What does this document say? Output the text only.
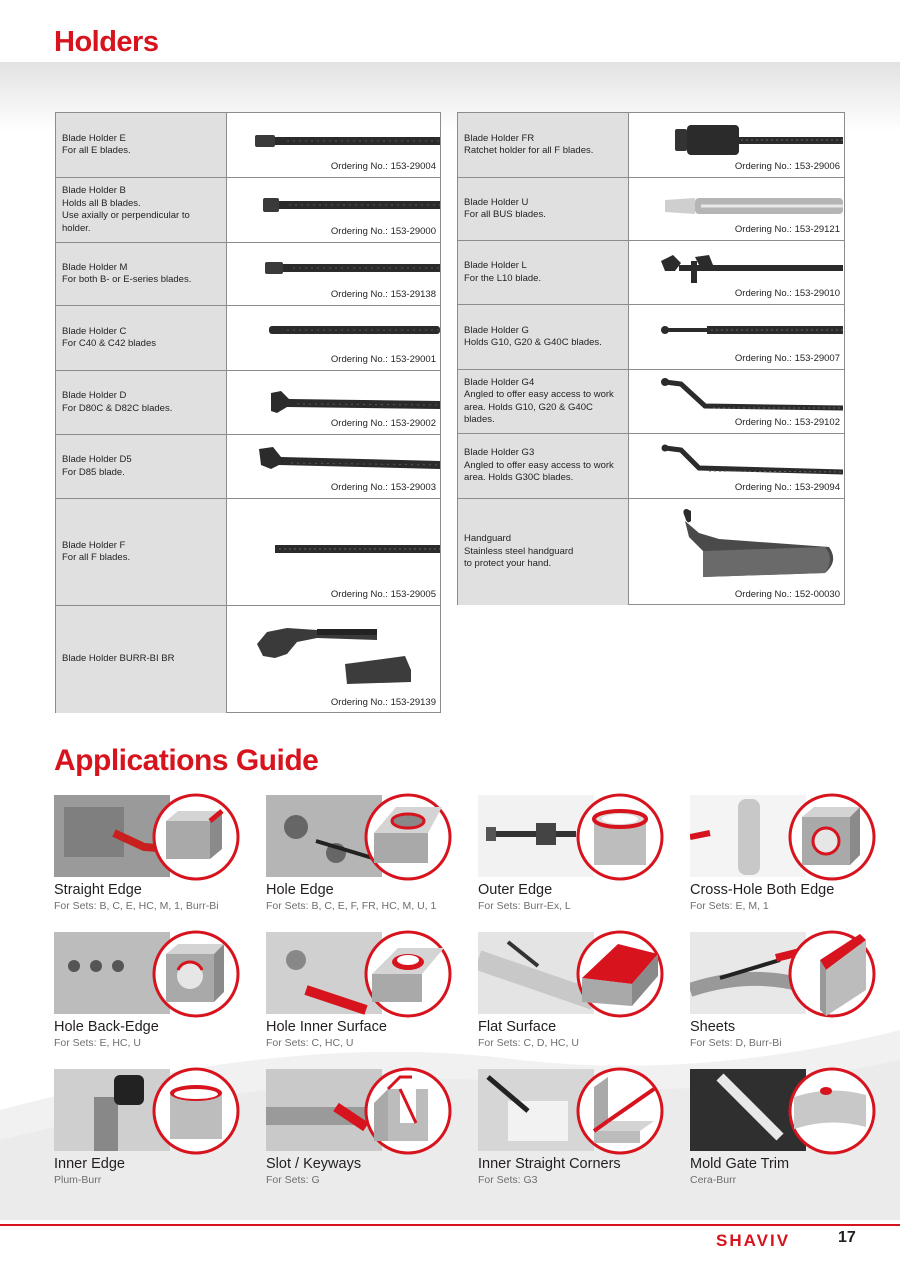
Holders
Blade Holder E
For all E blades.
Ordering No.: 153-29004
Blade Holder B
Holds all B blades.
Use axially or perpendicular to holder.	Ordering No.: 153-29000
Blade Holder M
For both B- or E-series blades.
Ordering No.: 153-29138
Blade Holder C
For C40 & C42 blades
Ordering No.: 153-29001
Blade Holder D
For D80C & D82C blades.
Ordering No.: 153-29002
Blade Holder D5
For D85 blade.
Ordering No.: 153-29003
Blade Holder F
For all F blades.
Ordering No.: 153-29005
Blade Holder BURR-BI BR
Ordering No.: 153-29139
Blade Holder FR
Ratchet holder for all F blades.
Ordering No.: 153-29006
Blade Holder U
For all BUS blades.
Ordering No.: 153-29121
Blade Holder L
For the L10 blade.
Ordering No.: 153-29010
Blade Holder G
Holds G10, G20 & G40C blades.
Ordering No.: 153-29007
Blade Holder G4
Angled to offer easy access to work
area. Holds G10, G20 & G40C blades.	Ordering No.: 153-29102
Blade Holder G3
Angled to offer easy access to work
area. Holds G30C blades.
Ordering No.: 153-29094
Handguard
Stainless steel handguard
to protect your hand.
Ordering No.: 152-00030
Applications Guide
Straight Edge
For Sets: B, C, E, HC, M, 1, Burr-Bi
Hole Edge
For Sets: B, C, E, F, FR, HC, M, U, 1
Outer Edge
For Sets: Burr-Ex, L
Cross-Hole Both Edge
For Sets: E, M, 1
Hole Back-Edge
For Sets: E, HC, U
Hole Inner Surface
For Sets: C, HC, U
Flat Surface
For Sets: C, D, HC, U
Sheets
For Sets: D, Burr-Bi
Inner Edge
Plum-Burr
Slot / Keyways
For Sets: G
Inner Straight Corners
For Sets: G3
Mold Gate Trim
Cera-Burr
SHAVIV	17
